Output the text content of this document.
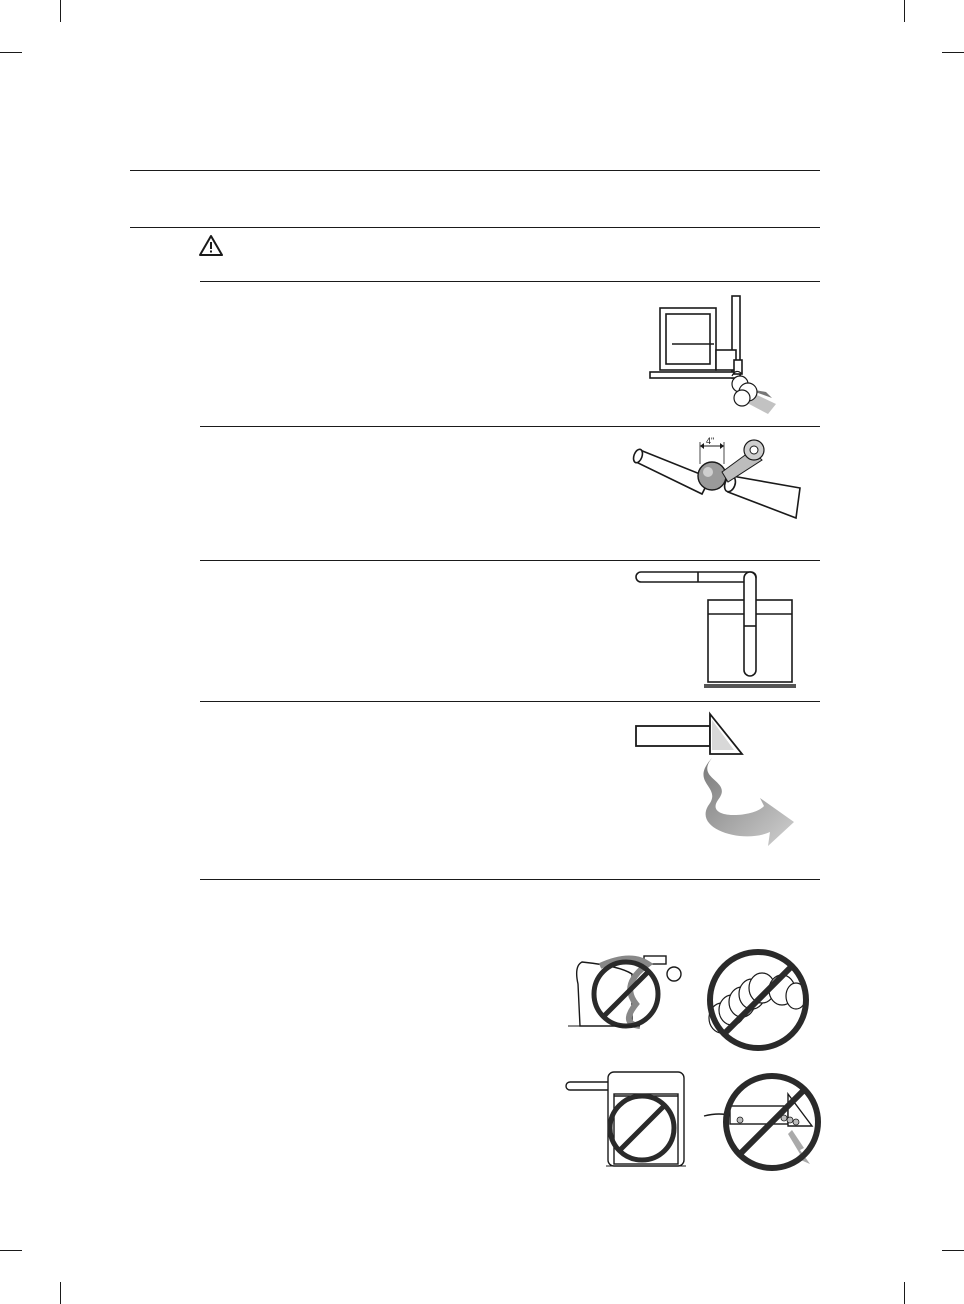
4"
